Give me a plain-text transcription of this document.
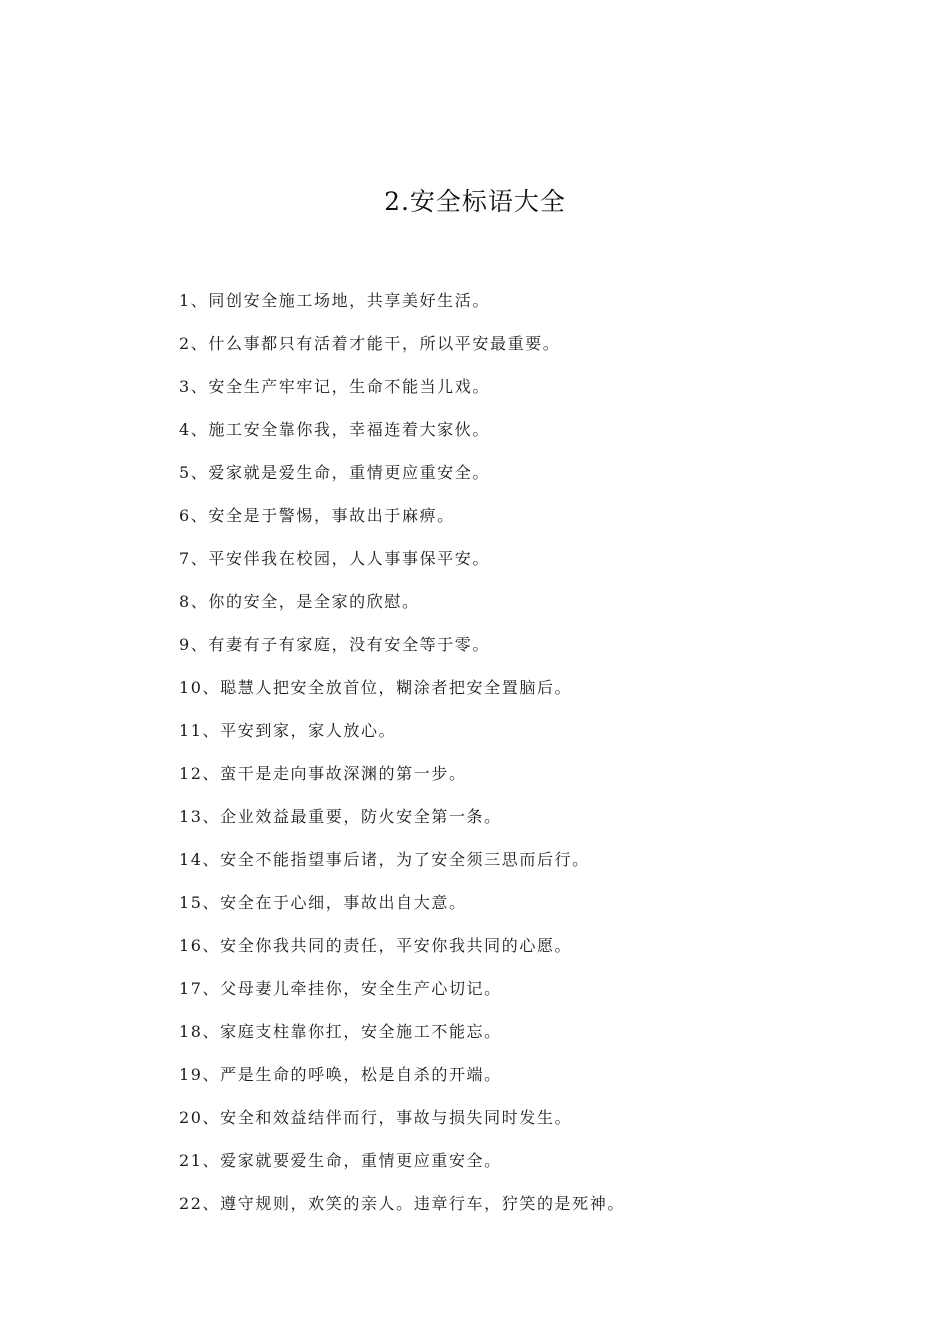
2.安全标语大全
1、同创安全施工场地，共享美好生活。
2、什么事都只有活着才能干，所以平安最重要。
3、安全生产牢牢记，生命不能当儿戏。
4、施工安全靠你我，幸福连着大家伙。
5、爱家就是爱生命，重情更应重安全。
6、安全是于警惕，事故出于麻痹。
7、平安伴我在校园，人人事事保平安。
8、你的安全，是全家的欣慰。
9、有妻有子有家庭，没有安全等于零。
10、聪慧人把安全放首位，糊涂者把安全置脑后。
11、平安到家，家人放心。
12、蛮干是走向事故深渊的第一步。
13、企业效益最重要，防火安全第一条。
14、安全不能指望事后诸，为了安全须三思而后行。
15、安全在于心细，事故出自大意。
16、安全你我共同的责任，平安你我共同的心愿。
17、父母妻儿牵挂你，安全生产心切记。
18、家庭支柱靠你扛，安全施工不能忘。
19、严是生命的呼唤，松是自杀的开端。
20、安全和效益结伴而行，事故与损失同时发生。
21、爱家就要爱生命，重情更应重安全。
22、遵守规则，欢笑的亲人。违章行车，狞笑的是死神。
